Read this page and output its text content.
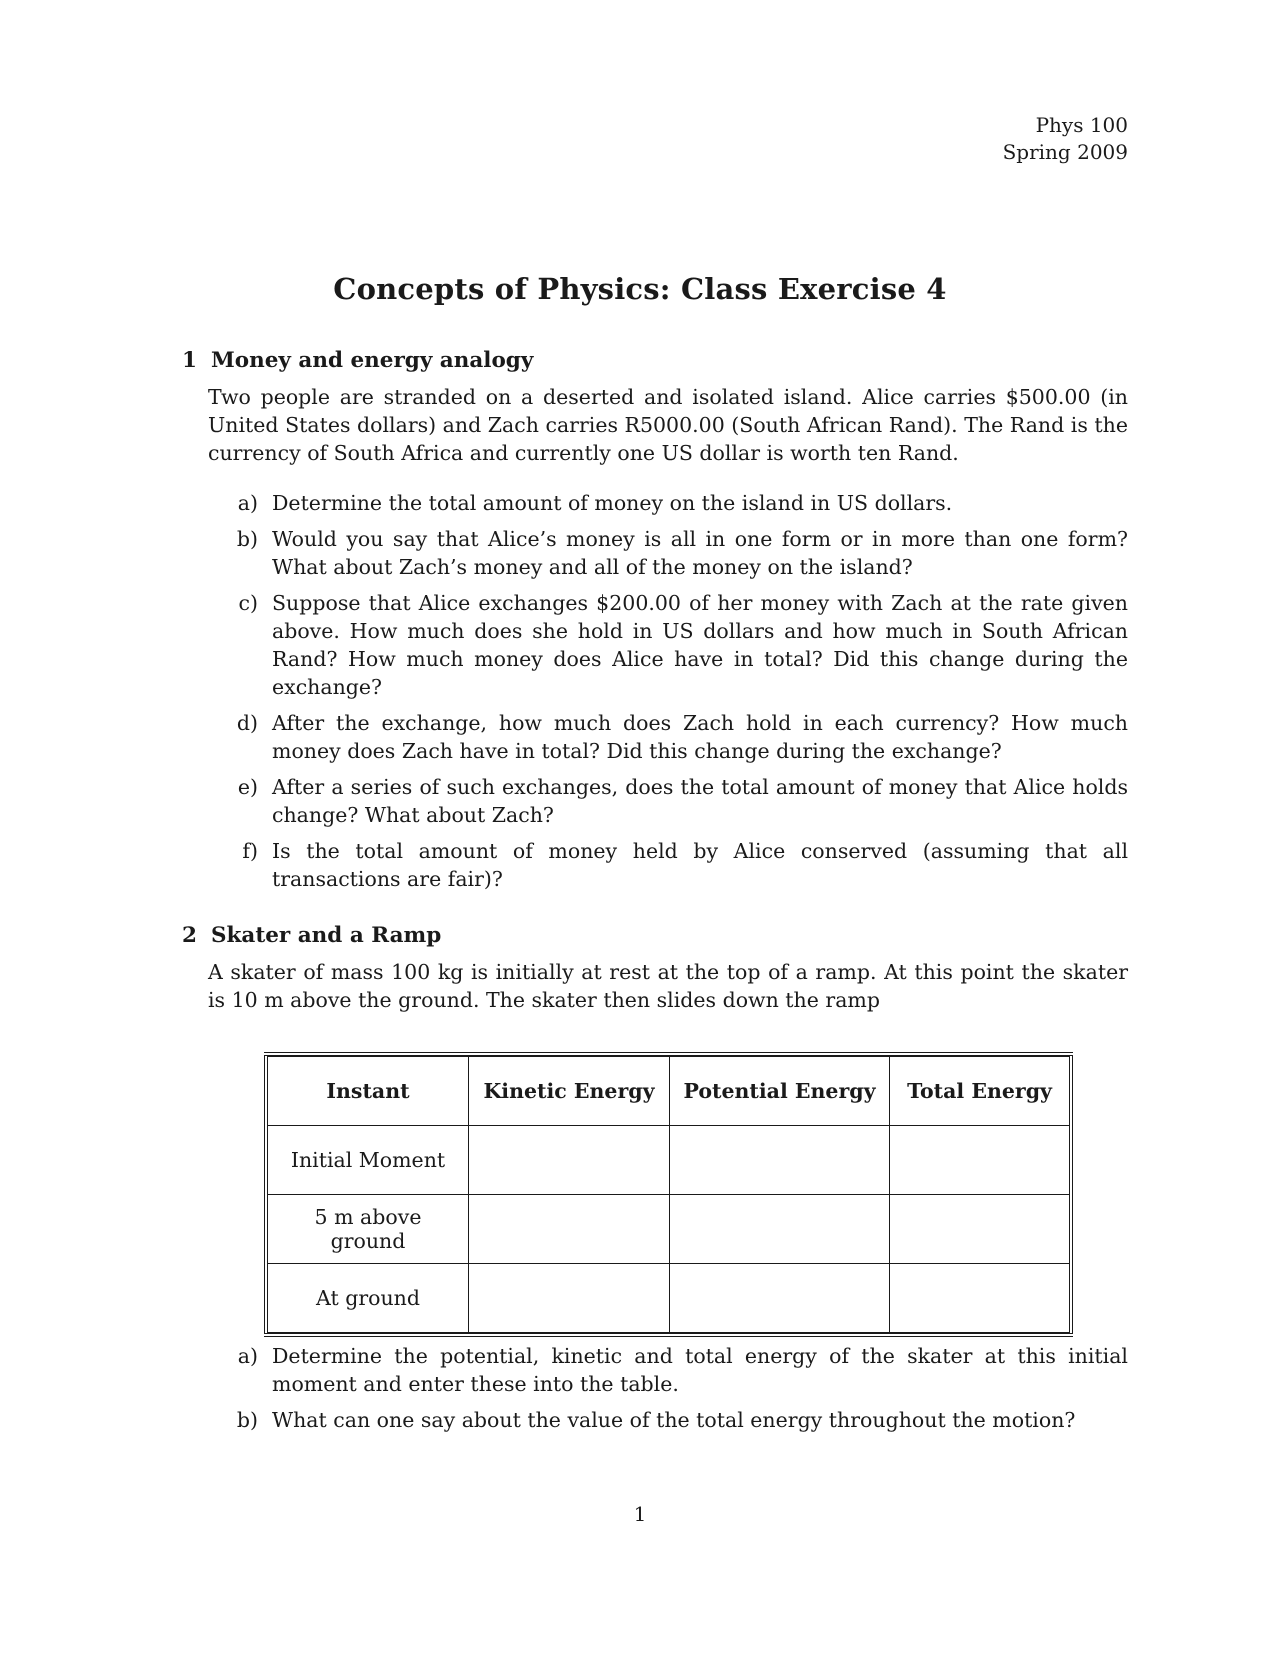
Phys 100
Spring 2009
Concepts of Physics: Class Exercise 4
1 Money and energy analogy
Two people are stranded on a deserted and isolated island. Alice carries $500.00 (in United States dollars) and Zach carries R5000.00 (South African Rand). The Rand is the currency of South Africa and currently one US dollar is worth ten Rand.
a) Determine the total amount of money on the island in US dollars.
b) Would you say that Alice’s money is all in one form or in more than one form? What about Zach’s money and all of the money on the island?
c) Suppose that Alice exchanges $200.00 of her money with Zach at the rate given above. How much does she hold in US dollars and how much in South African Rand? How much money does Alice have in total? Did this change during the exchange?
d) After the exchange, how much does Zach hold in each currency? How much money does Zach have in total? Did this change during the exchange?
e) After a series of such exchanges, does the total amount of money that Alice holds change? What about Zach?
f) Is the total amount of money held by Alice conserved (assuming that all transactions are fair)?
2 Skater and a Ramp
A skater of mass 100 kg is initially at rest at the top of a ramp. At this point the skater is 10 m above the ground. The skater then slides down the ramp
Instant	Kinetic Energy	Potential Energy	Total Energy
Initial Moment			
5 m above ground			
At ground			
a) Determine the potential, kinetic and total energy of the skater at this initial moment and enter these into the table.
b) What can one say about the value of the total energy throughout the motion?
1
